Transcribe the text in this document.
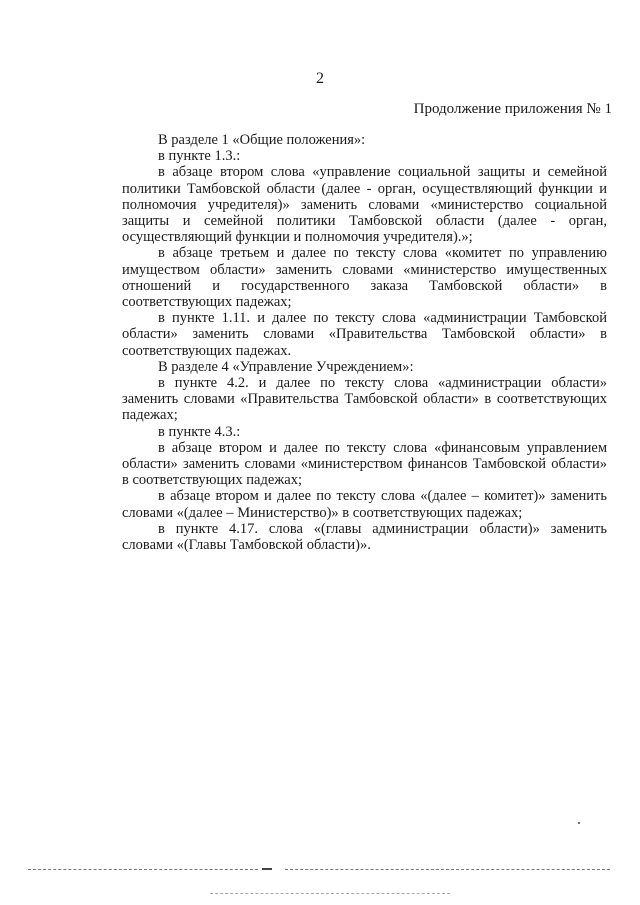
2
Продолжение приложения № 1

В разделе 1 «Общие положения»:

в пункте 1.3.:

в абзаце втором слова «управление социальной защиты и семейной политики Тамбовской области (далее - орган, осуществляющий функции и полномочия учредителя)» заменить словами «министерство социальной защиты и семейной политики Тамбовской области (далее - орган, осуществляющий функции и полномочия учредителя).»;

в абзаце третьем и далее по тексту слова «комитет по управлению имуществом области» заменить словами «министерство имущественных отношений и государственного заказа Тамбовской области» в соответствующих падежах;

в пункте 1.11. и далее по тексту слова «администрации Тамбовской области» заменить словами «Правительства Тамбовской области» в соответствующих падежах.

В разделе 4 «Управление Учреждением»:

в пункте 4.2. и далее по тексту слова «администрации области» заменить словами «Правительства Тамбовской области» в соответствующих падежах;

в пункте 4.3.:

в абзаце втором и далее по тексту слова «финансовым управлением области» заменить словами «министерством финансов Тамбовской области» в соответствующих падежах;

в абзаце втором и далее по тексту слова «(далее – комитет)» заменить словами «(далее – Министерство)» в соответствующих падежах;

в пункте 4.17. слова «(главы администрации области)» заменить словами «(Главы Тамбовской области)».
